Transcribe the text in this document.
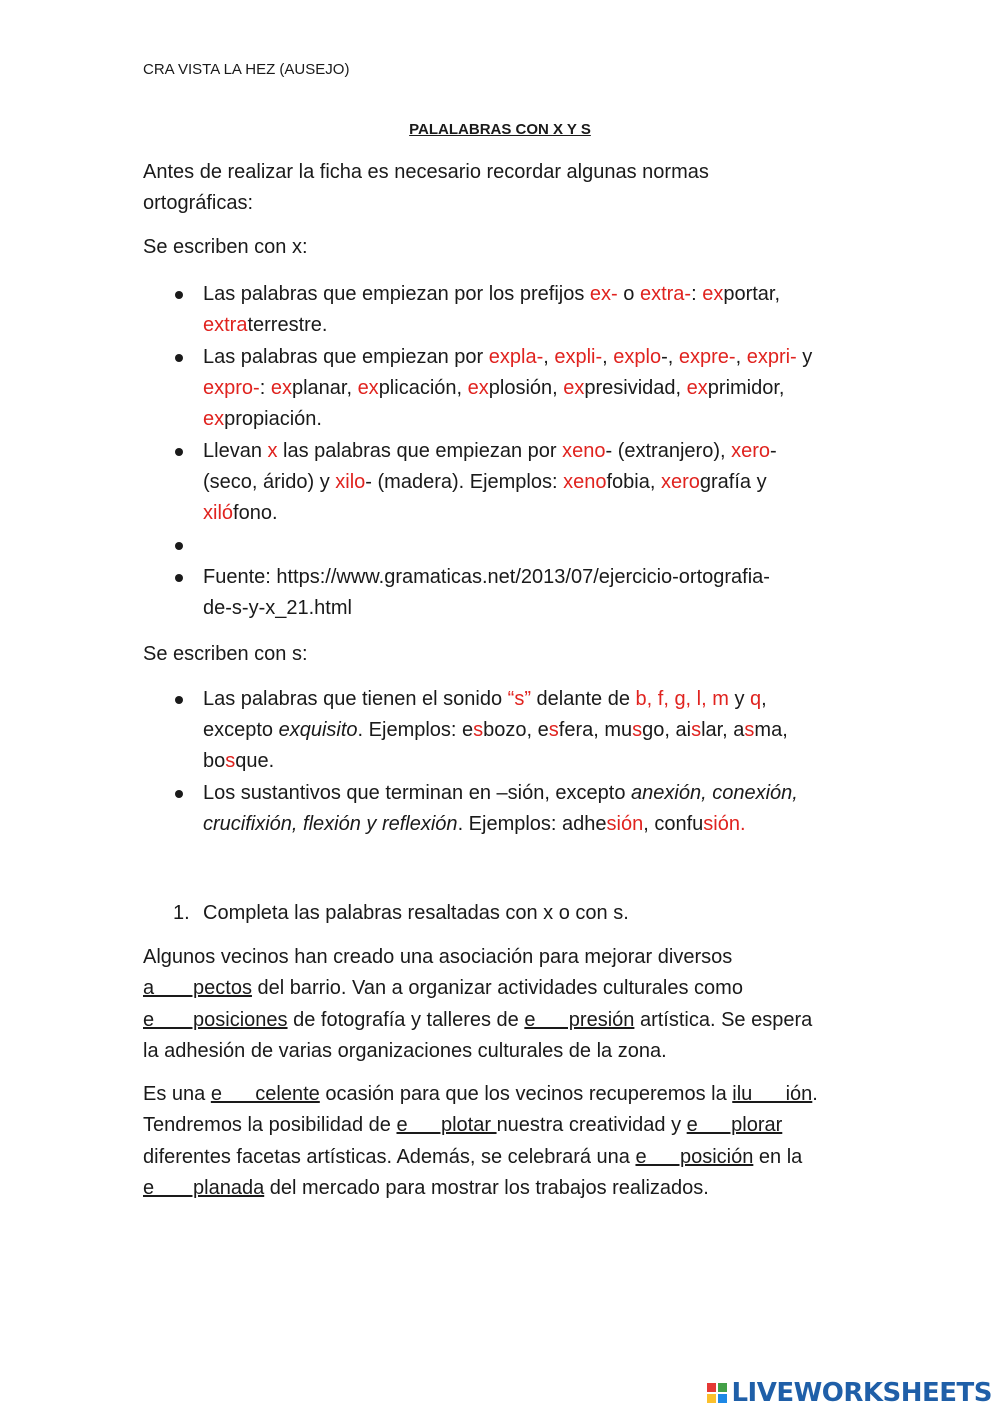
CRA VISTA LA HEZ (AUSEJO)
PALALABRAS CON X Y S
Antes de realizar la ficha es necesario recordar algunas normas
ortográficas:
Se escriben con x:
Las palabras que empiezan por los prefijos ex- o extra-: exportar,
extraterrestre.
Las palabras que empiezan por expla-, expli-, explo-, expre-, expri- y
expro-: explanar, explicación, explosión, expresividad, exprimidor,
expropiación.
Llevan x las palabras que empiezan por xeno- (extranjero), xero-
(seco, árido) y xilo- (madera). Ejemplos: xenofobia, xerografía y
xilófono.
Fuente: https://www.gramaticas.net/2013/07/ejercicio-ortografia-
de-s-y-x_21.html
Se escriben con s:
Las palabras que tienen el sonido “s” delante de b, f, g, l, m y q,
excepto exquisito. Ejemplos: esbozo, esfera, musgo, aislar, asma,
bosque.
Los sustantivos que terminan en –sión, excepto anexión, conexión,
crucifixión, flexión y reflexión. Ejemplos: adhesión, confusión.
1. Completa las palabras resaltadas con x o con s.
Algunos vecinos han creado una asociación para mejorar diversos
a       pectos del barrio. Van a organizar actividades culturales como
e       posiciones de fotografía y talleres de e      presión artística. Se espera
la adhesión de varias organizaciones culturales de la zona.
Es una e      celente ocasión para que los vecinos recuperemos la ilu      ión.
Tendremos la posibilidad de e      plotar nuestra creatividad y e      plorar
diferentes facetas artísticas. Además, se celebrará una e      posición en la
e       planada del mercado para mostrar los trabajos realizados.
LIVEWORKSHEETS
